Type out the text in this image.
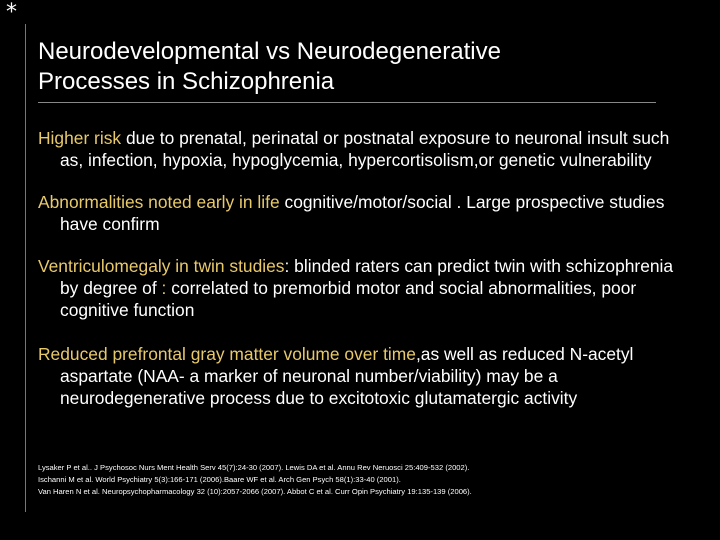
*
Neurodevelopmental vs Neurodegenerative
Processes in Schizophrenia
Higher risk due to prenatal, perinatal or postnatal exposure to neuronal insult such as, infection, hypoxia, hypoglycemia, hypercortisolism,or genetic vulnerability
Abnormalities noted early in life cognitive/motor/social . Large prospective studies have confirm
Ventriculomegaly in twin studies: blinded raters can predict twin with schizophrenia by degree of : correlated to premorbid motor and social abnormalities, poor cognitive function
Reduced prefrontal gray matter volume over time,as well as reduced N-acetyl aspartate (NAA- a marker of neuronal number/viability) may be a neurodegenerative process due to excitotoxic glutamatergic activity
Lysaker P et al.. J Psychosoc Nurs Ment Health Serv 45(7):24-30 (2007). Lewis DA et al. Annu Rev Neruosci 25:409-532 (2002).
Ischanni M et al. World Psychiatry 5(3):166-171 (2006).Baare WF et al. Arch Gen Psych 58(1):33-40 (2001).
Van Haren N et al. Neuropsychopharmacology 32 (10):2057-2066 (2007). Abbot C et al. Curr Opin Psychiatry 19:135-139 (2006).
